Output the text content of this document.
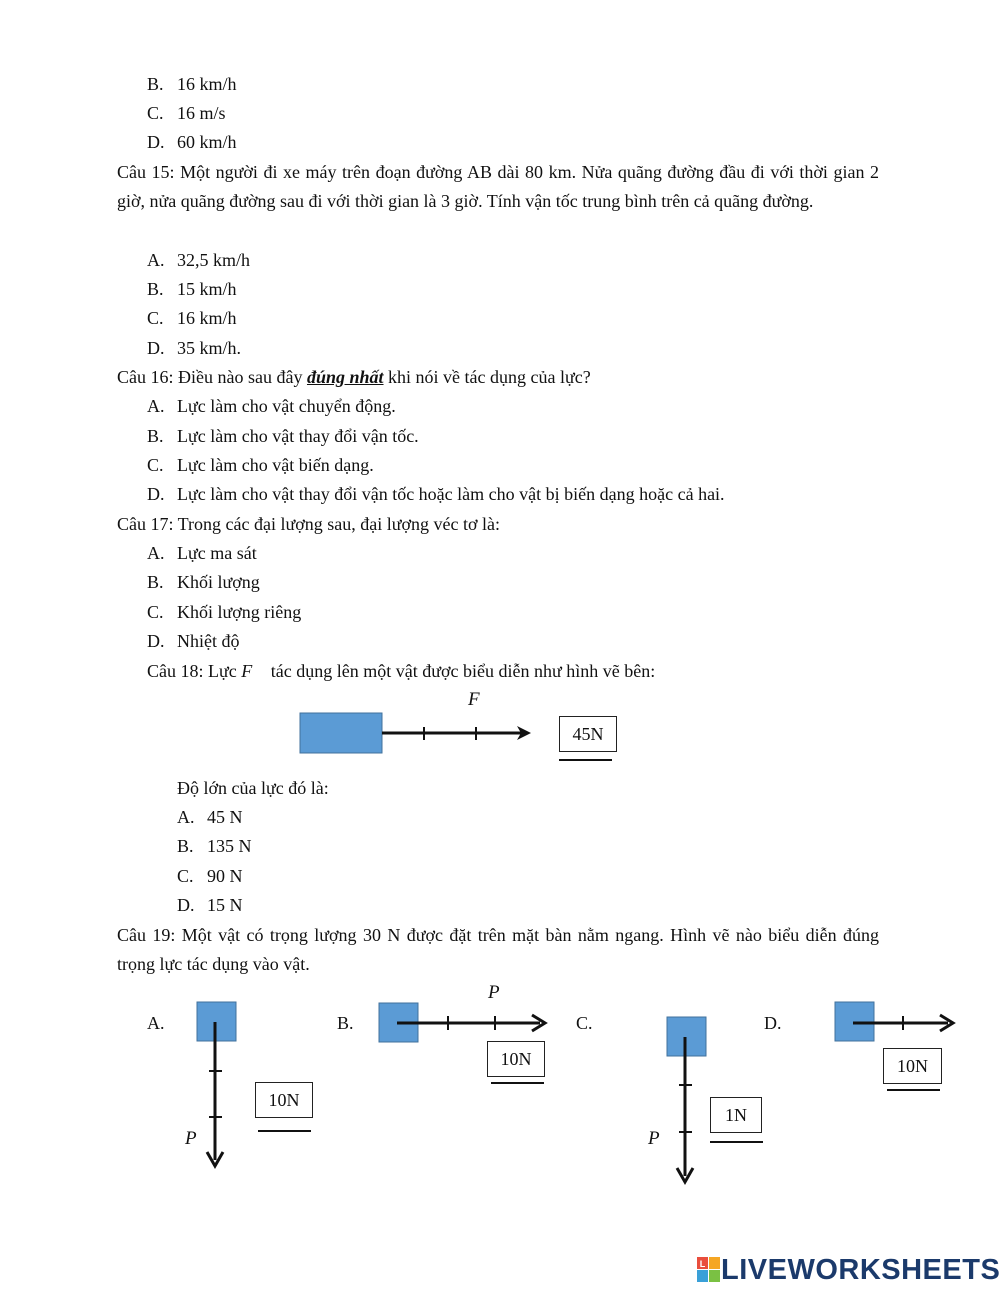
B. 16 km/h
C. 16 m/s
D. 60 km/h
Câu 15: Một người đi xe máy trên đoạn đường AB dài 80 km. Nửa quãng đường đầu đi với thời gian 2 giờ, nửa quãng đường sau đi với thời gian là 3 giờ. Tính vận tốc trung bình trên cả quãng đường.
A. 32,5 km/h
B. 15 km/h
C. 16 km/h
D. 35 km/h.
Câu 16: Điều nào sau đây đúng nhất khi nói về tác dụng của lực?
A. Lực làm cho vật chuyển động.
B. Lực làm cho vật thay đổi vận tốc.
C. Lực làm cho vật biến dạng.
D. Lực làm cho vật thay đổi vận tốc hoặc làm cho vật bị biến dạng hoặc cả hai.
Câu 17: Trong các đại lượng sau, đại lượng véc tơ là:
A. Lực ma sát
B. Khối lượng
C. Khối lượng riêng
D. Nhiệt độ
Câu 18: Lực F⃗ tác dụng lên một vật được biểu diễn như hình vẽ bên:
F⃗
45N
Độ lớn của lực đó là:
A. 45 N
B. 135 N
C. 90 N
D. 15 N
Câu 19: Một vật có trọng lượng 30 N được đặt trên mặt bàn nằm ngang. Hình vẽ nào biểu diễn đúng trọng lực tác dụng vào vật.
A.	B.	C.	D.
P⃗
P⃗
P⃗
10N
10N
1N
10N
L LIVEWORKSHEETS
